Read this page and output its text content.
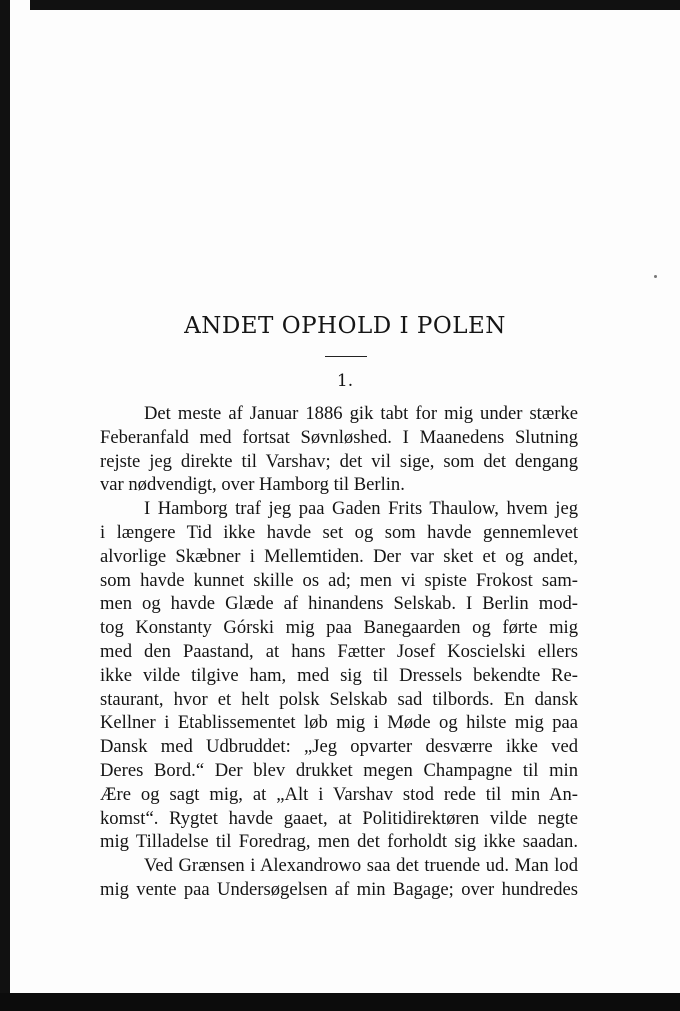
ANDET OPHOLD I POLEN
1.
Det meste af Januar 1886 gik tabt for mig under stærke
Feberanfald med fortsat Søvnløshed. I Maanedens Slutning
rejste jeg direkte til Varshav; det vil sige, som det dengang
var nødvendigt, over Hamborg til Berlin.
I Hamborg traf jeg paa Gaden Frits Thaulow, hvem jeg
i længere Tid ikke havde set og som havde gennemlevet
alvorlige Skæbner i Mellemtiden. Der var sket et og andet,
som havde kunnet skille os ad; men vi spiste Frokost sam-
men og havde Glæde af hinandens Selskab. I Berlin mod-
tog Konstanty Górski mig paa Banegaarden og førte mig
med den Paastand, at hans Fætter Josef Koscielski ellers
ikke vilde tilgive ham, med sig til Dressels bekendte Re-
staurant, hvor et helt polsk Selskab sad tilbords. En dansk
Kellner i Etablissementet løb mig i Møde og hilste mig paa
Dansk med Udbruddet: „Jeg opvarter desværre ikke ved
Deres Bord.“ Der blev drukket megen Champagne til min
Ære og sagt mig, at „Alt i Varshav stod rede til min An-
komst“. Rygtet havde gaaet, at Politidirektøren vilde negte
mig Tilladelse til Foredrag, men det forholdt sig ikke saadan.
Ved Grænsen i Alexandrowo saa det truende ud. Man lod
mig vente paa Undersøgelsen af min Bagage; over hundredes
